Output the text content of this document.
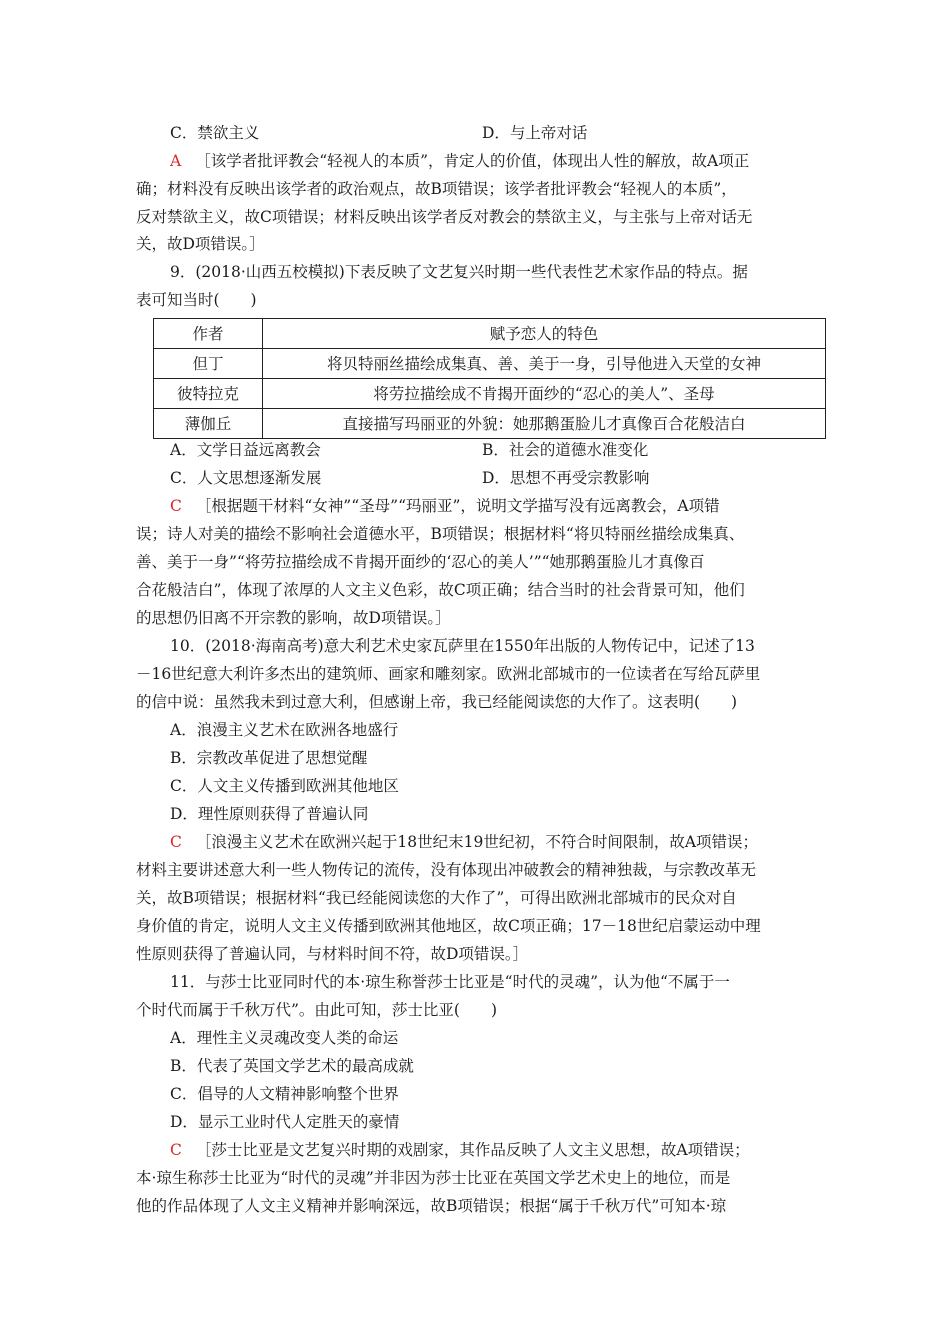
C．禁欲主义	D．与上帝对话
A ［该学者批评教会“轻视人的本质”，肯定人的价值，体现出人性的解放，故A项正
确；材料没有反映出该学者的政治观点，故B项错误；该学者批评教会“轻视人的本质”，
反对禁欲主义，故C项错误；材料反映出该学者反对教会的禁欲主义，与主张与上帝对话无
关，故D项错误。］
9．(2018·山西五校模拟)下表反映了文艺复兴时期一些代表性艺术家作品的特点。据
表可知当时(　　)
作者	赋予恋人的特色
但丁	将贝特丽丝描绘成集真、善、美于一身，引导他进入天堂的女神
彼特拉克	将劳拉描绘成不肯揭开面纱的“忍心的美人”、圣母
薄伽丘	直接描写玛丽亚的外貌：她那鹅蛋脸儿才真像百合花般洁白
A．文学日益远离教会	B．社会的道德水准变化
C．人文思想逐渐发展	D．思想不再受宗教影响
C ［根据题干材料“女神”“圣母”“玛丽亚”，说明文学描写没有远离教会，A项错
误；诗人对美的描绘不影响社会道德水平，B项错误；根据材料“将贝特丽丝描绘成集真、
善、美于一身”“将劳拉描绘成不肯揭开面纱的‘忍心的美人’”“她那鹅蛋脸儿才真像百
合花般洁白”，体现了浓厚的人文主义色彩，故C项正确；结合当时的社会背景可知，他们
的思想仍旧离不开宗教的影响，故D项错误。］
10．(2018·海南高考)意大利艺术史家瓦萨里在1550年出版的人物传记中，记述了13
－16世纪意大利许多杰出的建筑师、画家和雕刻家。欧洲北部城市的一位读者在写给瓦萨里
的信中说：虽然我未到过意大利，但感谢上帝，我已经能阅读您的大作了。这表明(　　)
A．浪漫主义艺术在欧洲各地盛行
B．宗教改革促进了思想觉醒
C．人文主义传播到欧洲其他地区
D．理性原则获得了普遍认同
C ［浪漫主义艺术在欧洲兴起于18世纪末19世纪初，不符合时间限制，故A项错误；
材料主要讲述意大利一些人物传记的流传，没有体现出冲破教会的精神独裁，与宗教改革无
关，故B项错误；根据材料“我已经能阅读您的大作了”，可得出欧洲北部城市的民众对自
身价值的肯定，说明人文主义传播到欧洲其他地区，故C项正确；17－18世纪启蒙运动中理
性原则获得了普遍认同，与材料时间不符，故D项错误。］
11．与莎士比亚同时代的本·琼生称誉莎士比亚是“时代的灵魂”，认为他“不属于一
个时代而属于千秋万代”。由此可知，莎士比亚(　　)
A．理性主义灵魂改变人类的命运
B．代表了英国文学艺术的最高成就
C．倡导的人文精神影响整个世界
D．显示工业时代人定胜天的豪情
C ［莎士比亚是文艺复兴时期的戏剧家，其作品反映了人文主义思想，故A项错误；
本·琼生称莎士比亚为“时代的灵魂”并非因为莎士比亚在英国文学艺术史上的地位，而是
他的作品体现了人文主义精神并影响深远，故B项错误；根据“属于千秋万代”可知本·琼
